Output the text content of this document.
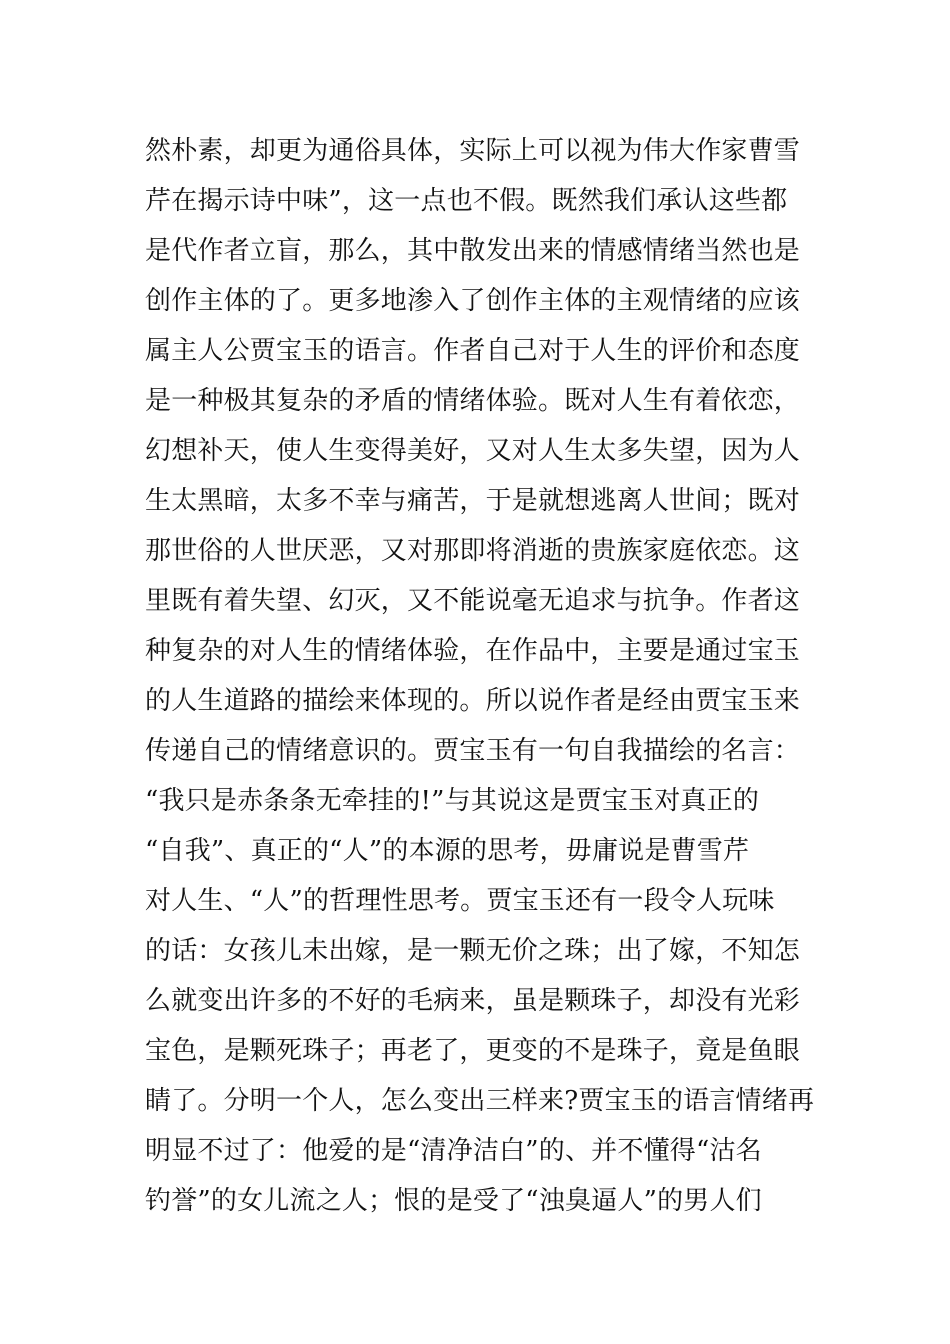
然朴素，却更为通俗具体，实际上可以视为伟大作家曹雪
芹在揭示诗中味”，这一点也不假。既然我们承认这些都
是代作者立盲，那么，其中散发出来的情感情绪当然也是
创作主体的了。更多地渗入了创作主体的主观情绪的应该
属主人公贾宝玉的语言。作者自己对于人生的评价和态度
是一种极其复杂的矛盾的情绪体验。既对人生有着依恋，
幻想补天，使人生变得美好，又对人生太多失望，因为人
生太黑暗，太多不幸与痛苦，于是就想逃离人世间；既对
那世俗的人世厌恶，又对那即将消逝的贵族家庭依恋。这
里既有着失望、幻灭，又不能说毫无追求与抗争。作者这
种复杂的对人生的情绪体验，在作品中，主要是通过宝玉
的人生道路的描绘来体现的。所以说作者是经由贾宝玉来
传递自己的情绪意识的。贾宝玉有一句自我描绘的名言：
“我只是赤条条无牵挂的!”与其说这是贾宝玉对真正的
“自我”、真正的“人”的本源的思考，毋庸说是曹雪芹
对人生、“人”的哲理性思考。贾宝玉还有一段令人玩味
的话：女孩儿未出嫁，是一颗无价之珠；出了嫁，不知怎
么就变出许多的不好的毛病来，虽是颗珠子，却没有光彩
宝色，是颗死珠子；再老了，更变的不是珠子，竟是鱼眼
睛了。分明一个人，怎么变出三样来?贾宝玉的语言情绪再
明显不过了：他爱的是“清净洁白”的、并不懂得“沽名
钓誉”的女儿流之人；恨的是受了“浊臭逼人”的男人们
